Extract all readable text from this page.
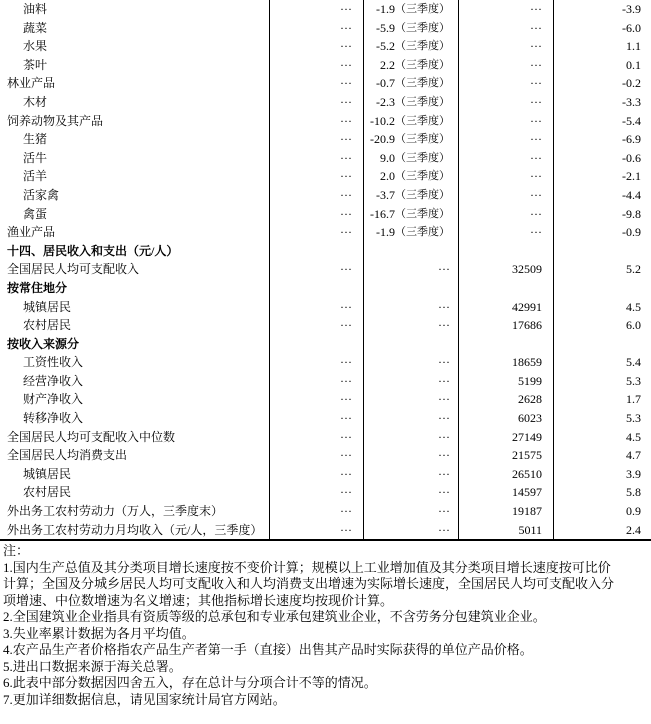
油料	···	-1.9 （三季度）	···	-3.9
蔬菜	···	-5.9 （三季度）	···	-6.0
水果	···	-5.2 （三季度）	···	1.1
茶叶	···	2.2 （三季度）	···	0.1
林业产品	···	-0.7 （三季度）	···	-0.2
木材	···	-2.3 （三季度）	···	-3.3
饲养动物及其产品	···	-10.2 （三季度）	···	-5.4
生猪	···	-20.9 （三季度）	···	-6.9
活牛	···	9.0 （三季度）	···	-0.6
活羊	···	2.0 （三季度）	···	-2.1
活家禽	···	-3.7 （三季度）	···	-4.4
禽蛋	···	-16.7 （三季度）	···	-9.8
渔业产品	···	-1.9 （三季度）	···	-0.9
十四、居民收入和支出（元/人）
全国居民人均可支配收入	···	···	32509	5.2
按常住地分
城镇居民	···	···	42991	4.5
农村居民	···	···	17686	6.0
按收入来源分
工资性收入	···	···	18659	5.4
经营净收入	···	···	5199	5.3
财产净收入	···	···	2628	1.7
转移净收入	···	···	6023	5.3
全国居民人均可支配收入中位数	···	···	27149	4.5
全国居民人均消费支出	···	···	21575	4.7
城镇居民	···	···	26510	3.9
农村居民	···	···	14597	5.8
外出务工农村劳动力（万人，三季度末）	···	···	19187	0.9
外出务工农村劳动力月均收入（元/人，三季度）	···	···	5011	2.4
注：
1.国内生产总值及其分类项目增长速度按不变价计算；规模以上工业增加值及其分类项目增长速度按可比价计算；全国及分城乡居民人均可支配收入和人均消费支出增速为实际增长速度，全国居民人均可支配收入分项增速、中位数增速为名义增速；其他指标增长速度均按现价计算。
2.全国建筑业企业指具有资质等级的总承包和专业承包建筑业企业，不含劳务分包建筑业企业。
3.失业率累计数据为各月平均值。
4.农产品生产者价格指农产品生产者第一手（直接）出售其产品时实际获得的单位产品价格。
5.进出口数据来源于海关总署。
6.此表中部分数据因四舍五入，存在总计与分项合计不等的情况。
7.更加详细数据信息，请见国家统计局官方网站。
